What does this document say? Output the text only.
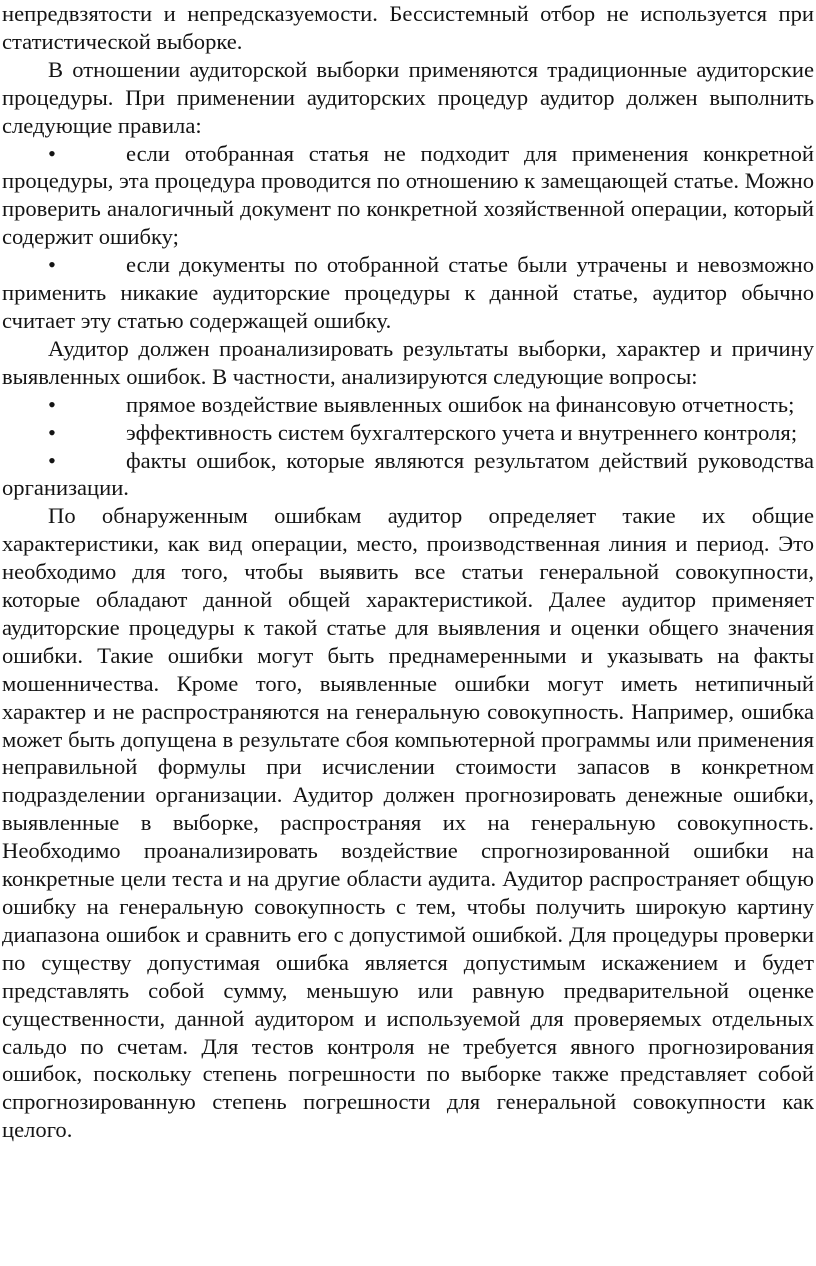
непредвзятости и непредсказуемости. Бессистемный отбор не используется при статистической выборке.

В отношении аудиторской выборки применяются традиционные аудиторские процедуры. При применении аудиторских процедур аудитор должен выполнить следующие правила:

•	если отобранная статья не подходит для применения конкретной процедуры, эта процедура проводится по отношению к замещающей статье. Можно проверить аналогичный документ по конкретной хозяйственной операции, который содержит ошибку;

•	если документы по отобранной статье были утрачены и невозможно применить никакие аудиторские процедуры к данной статье, аудитор обычно считает эту статью содержащей ошибку.

Аудитор должен проанализировать результаты выборки, характер и причину выявленных ошибок. В частности, анализируются следующие вопросы:

•	прямое воздействие выявленных ошибок на финансовую отчетность;

•	эффективность систем бухгалтерского учета и внутреннего контроля;

•	факты ошибок, которые являются результатом действий руководства организации.

По обнаруженным ошибкам аудитор определяет такие их общие характеристики, как вид операции, место, производственная линия и период. Это необходимо для того, чтобы выявить все статьи генеральной совокупности, которые обладают данной общей характеристикой. Далее аудитор применяет аудиторские процедуры к такой статье для выявления и оценки общего значения ошибки. Такие ошибки могут быть преднамеренными и указывать на факты мошенничества. Кроме того, выявленные ошибки могут иметь нетипичный характер и не распространяются на генеральную совокупность. Например, ошибка может быть допущена в результате сбоя компьютерной программы или применения неправильной формулы при исчислении стоимости запасов в конкретном подразделении организации. Аудитор должен прогнозировать денежные ошибки, выявленные в выборке, распространяя их на генеральную совокупность. Необходимо проанализировать воздействие спрогнозированной ошибки на конкретные цели теста и на другие области аудита. Аудитор распространяет общую ошибку на генеральную совокупность с тем, чтобы получить широкую картину диапазона ошибок и сравнить его с допустимой ошибкой. Для процедуры проверки по существу допустимая ошибка является допустимым искажением и будет представлять собой сумму, меньшую или равную предварительной оценке существенности, данной аудитором и используемой для проверяемых отдельных сальдо по счетам. Для тестов контроля не требуется явного прогнозирования ошибок, поскольку степень погрешности по выборке также представляет собой спрогнозированную степень погрешности для генеральной совокупности как целого.
